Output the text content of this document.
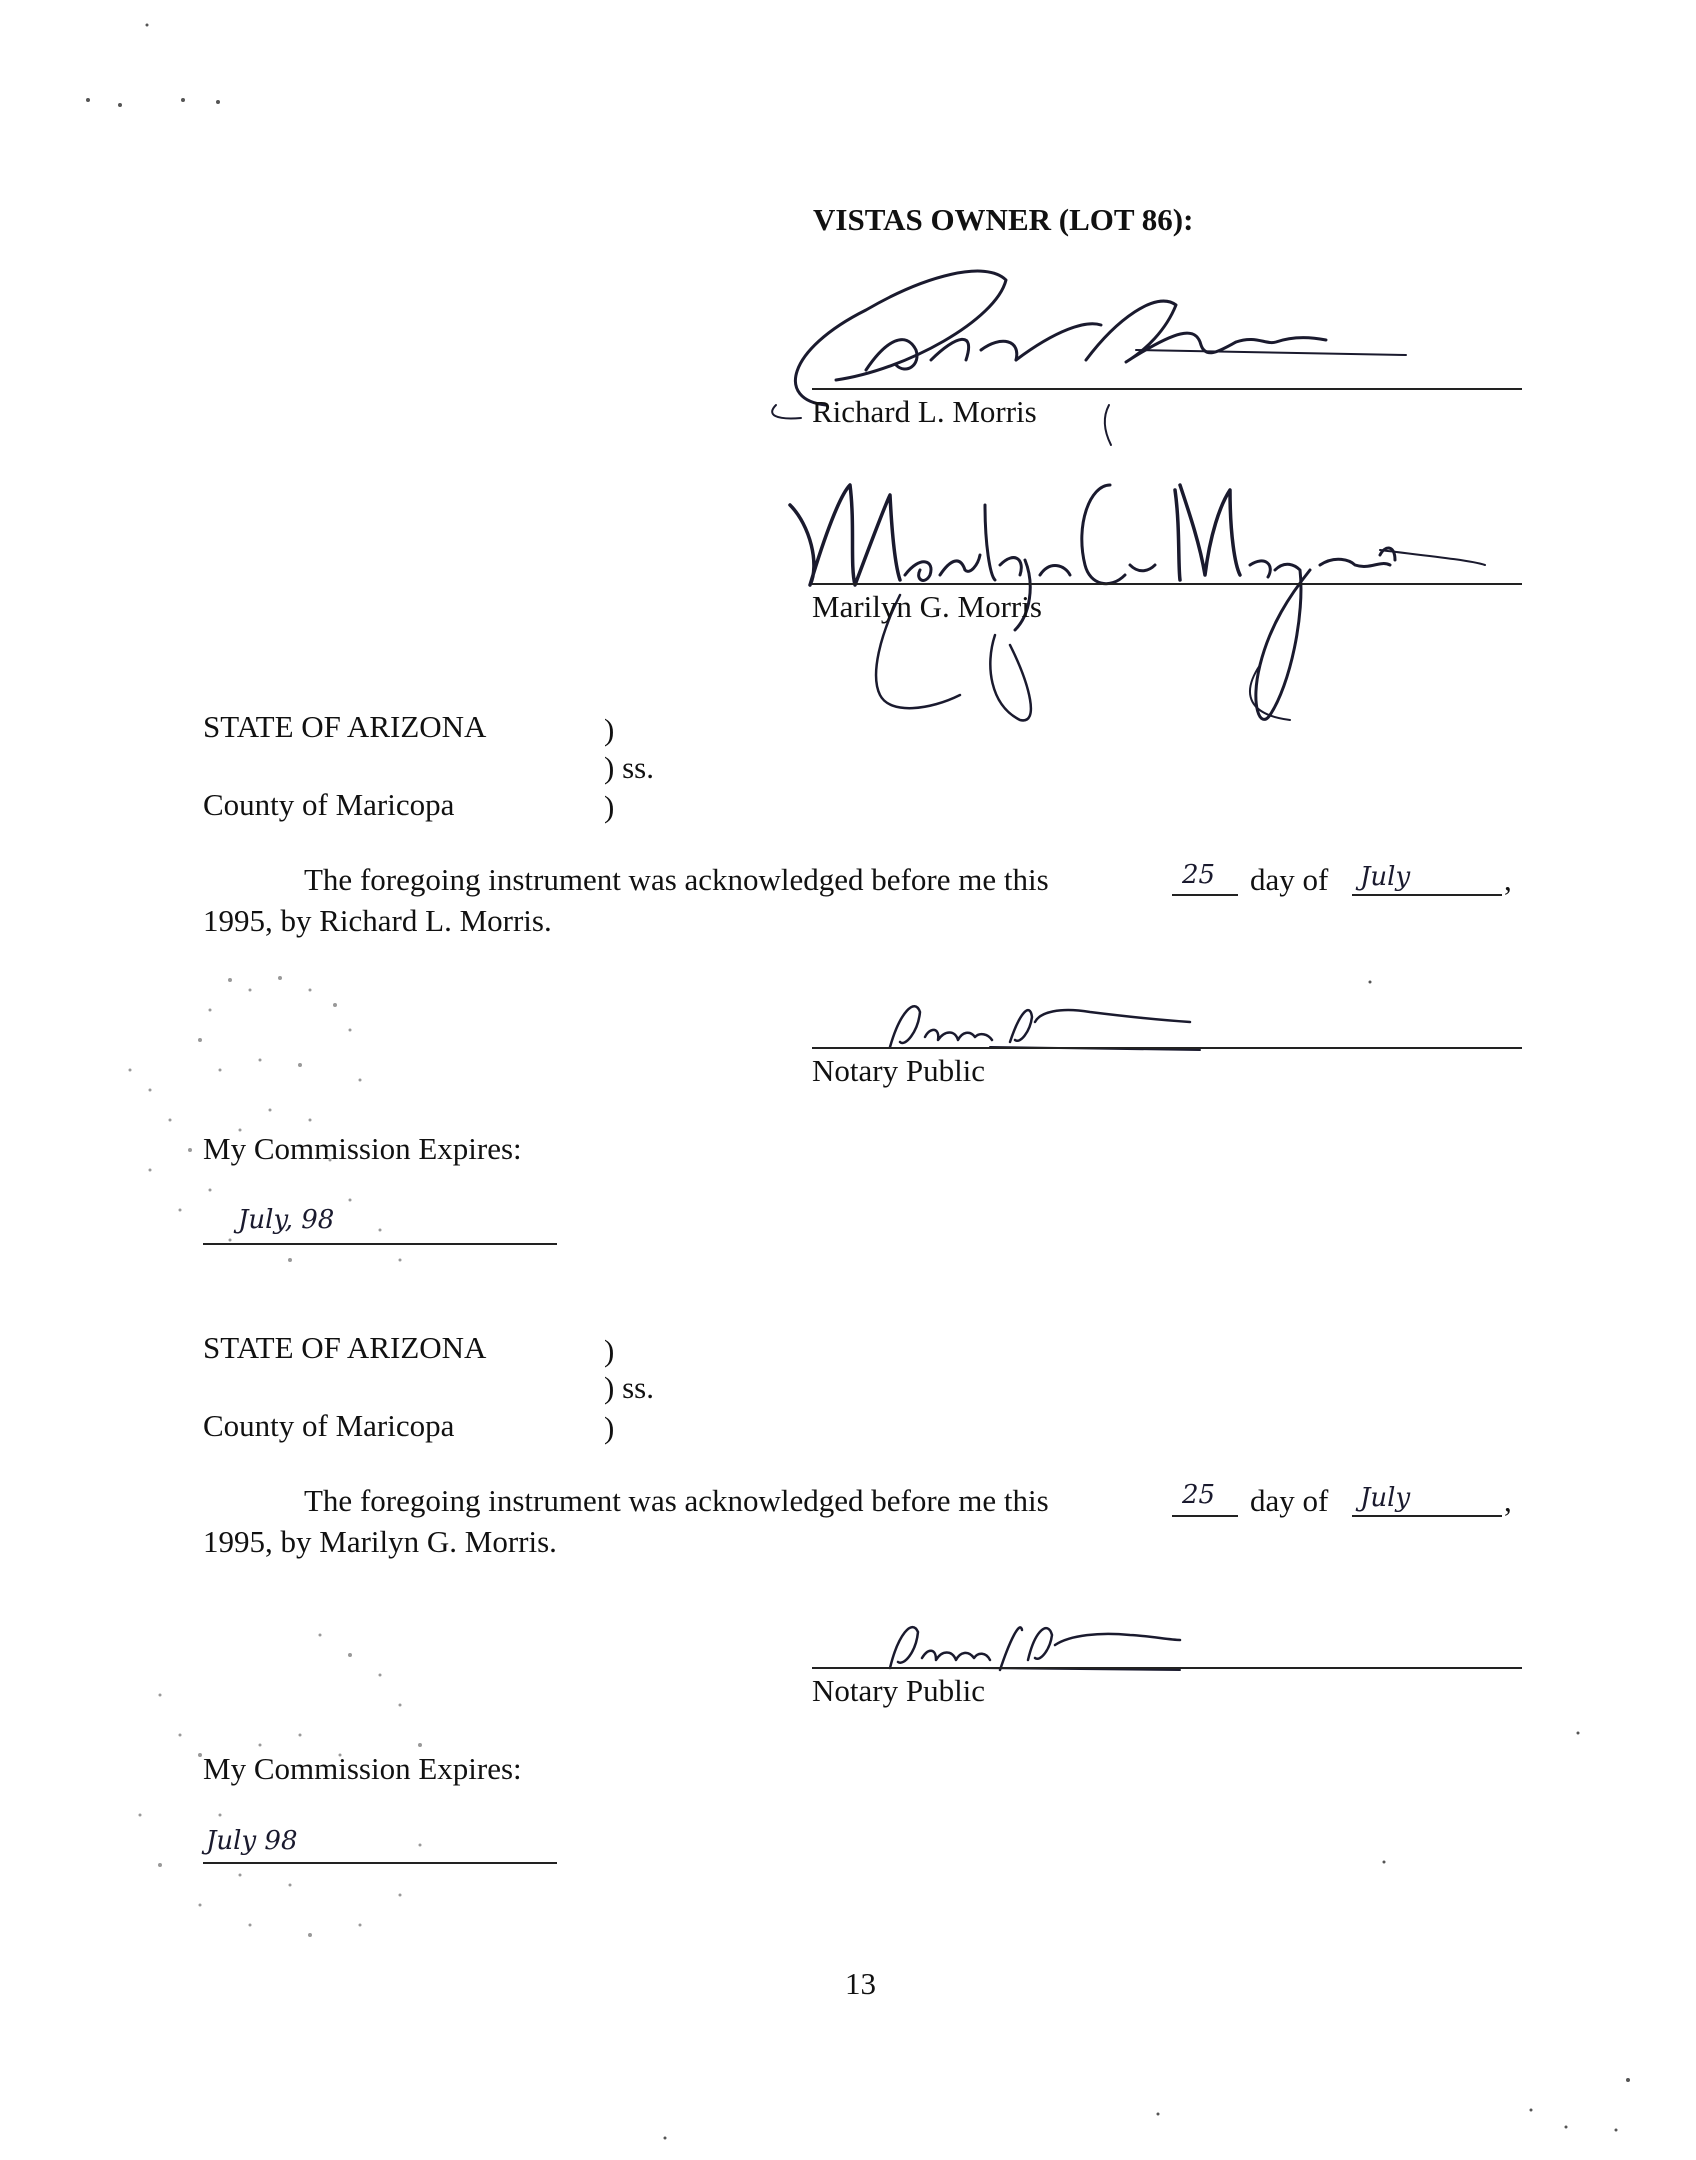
VISTAS OWNER (LOT 86):
Richard L. Morris
Marilyn G. Morris
STATE OF ARIZONA	)
) ss.
County of Maricopa	)
The foregoing instrument was acknowledged before me this	25 day of July	,
1995, by Richard L. Morris.
Notary Public
My Commission Expires:
July, 98
STATE OF ARIZONA	)
) ss.
County of Maricopa	)
The foregoing instrument was acknowledged before me this	25 day of July	,
1995, by Marilyn G. Morris.
Notary Public
My Commission Expires:
July 98
13
